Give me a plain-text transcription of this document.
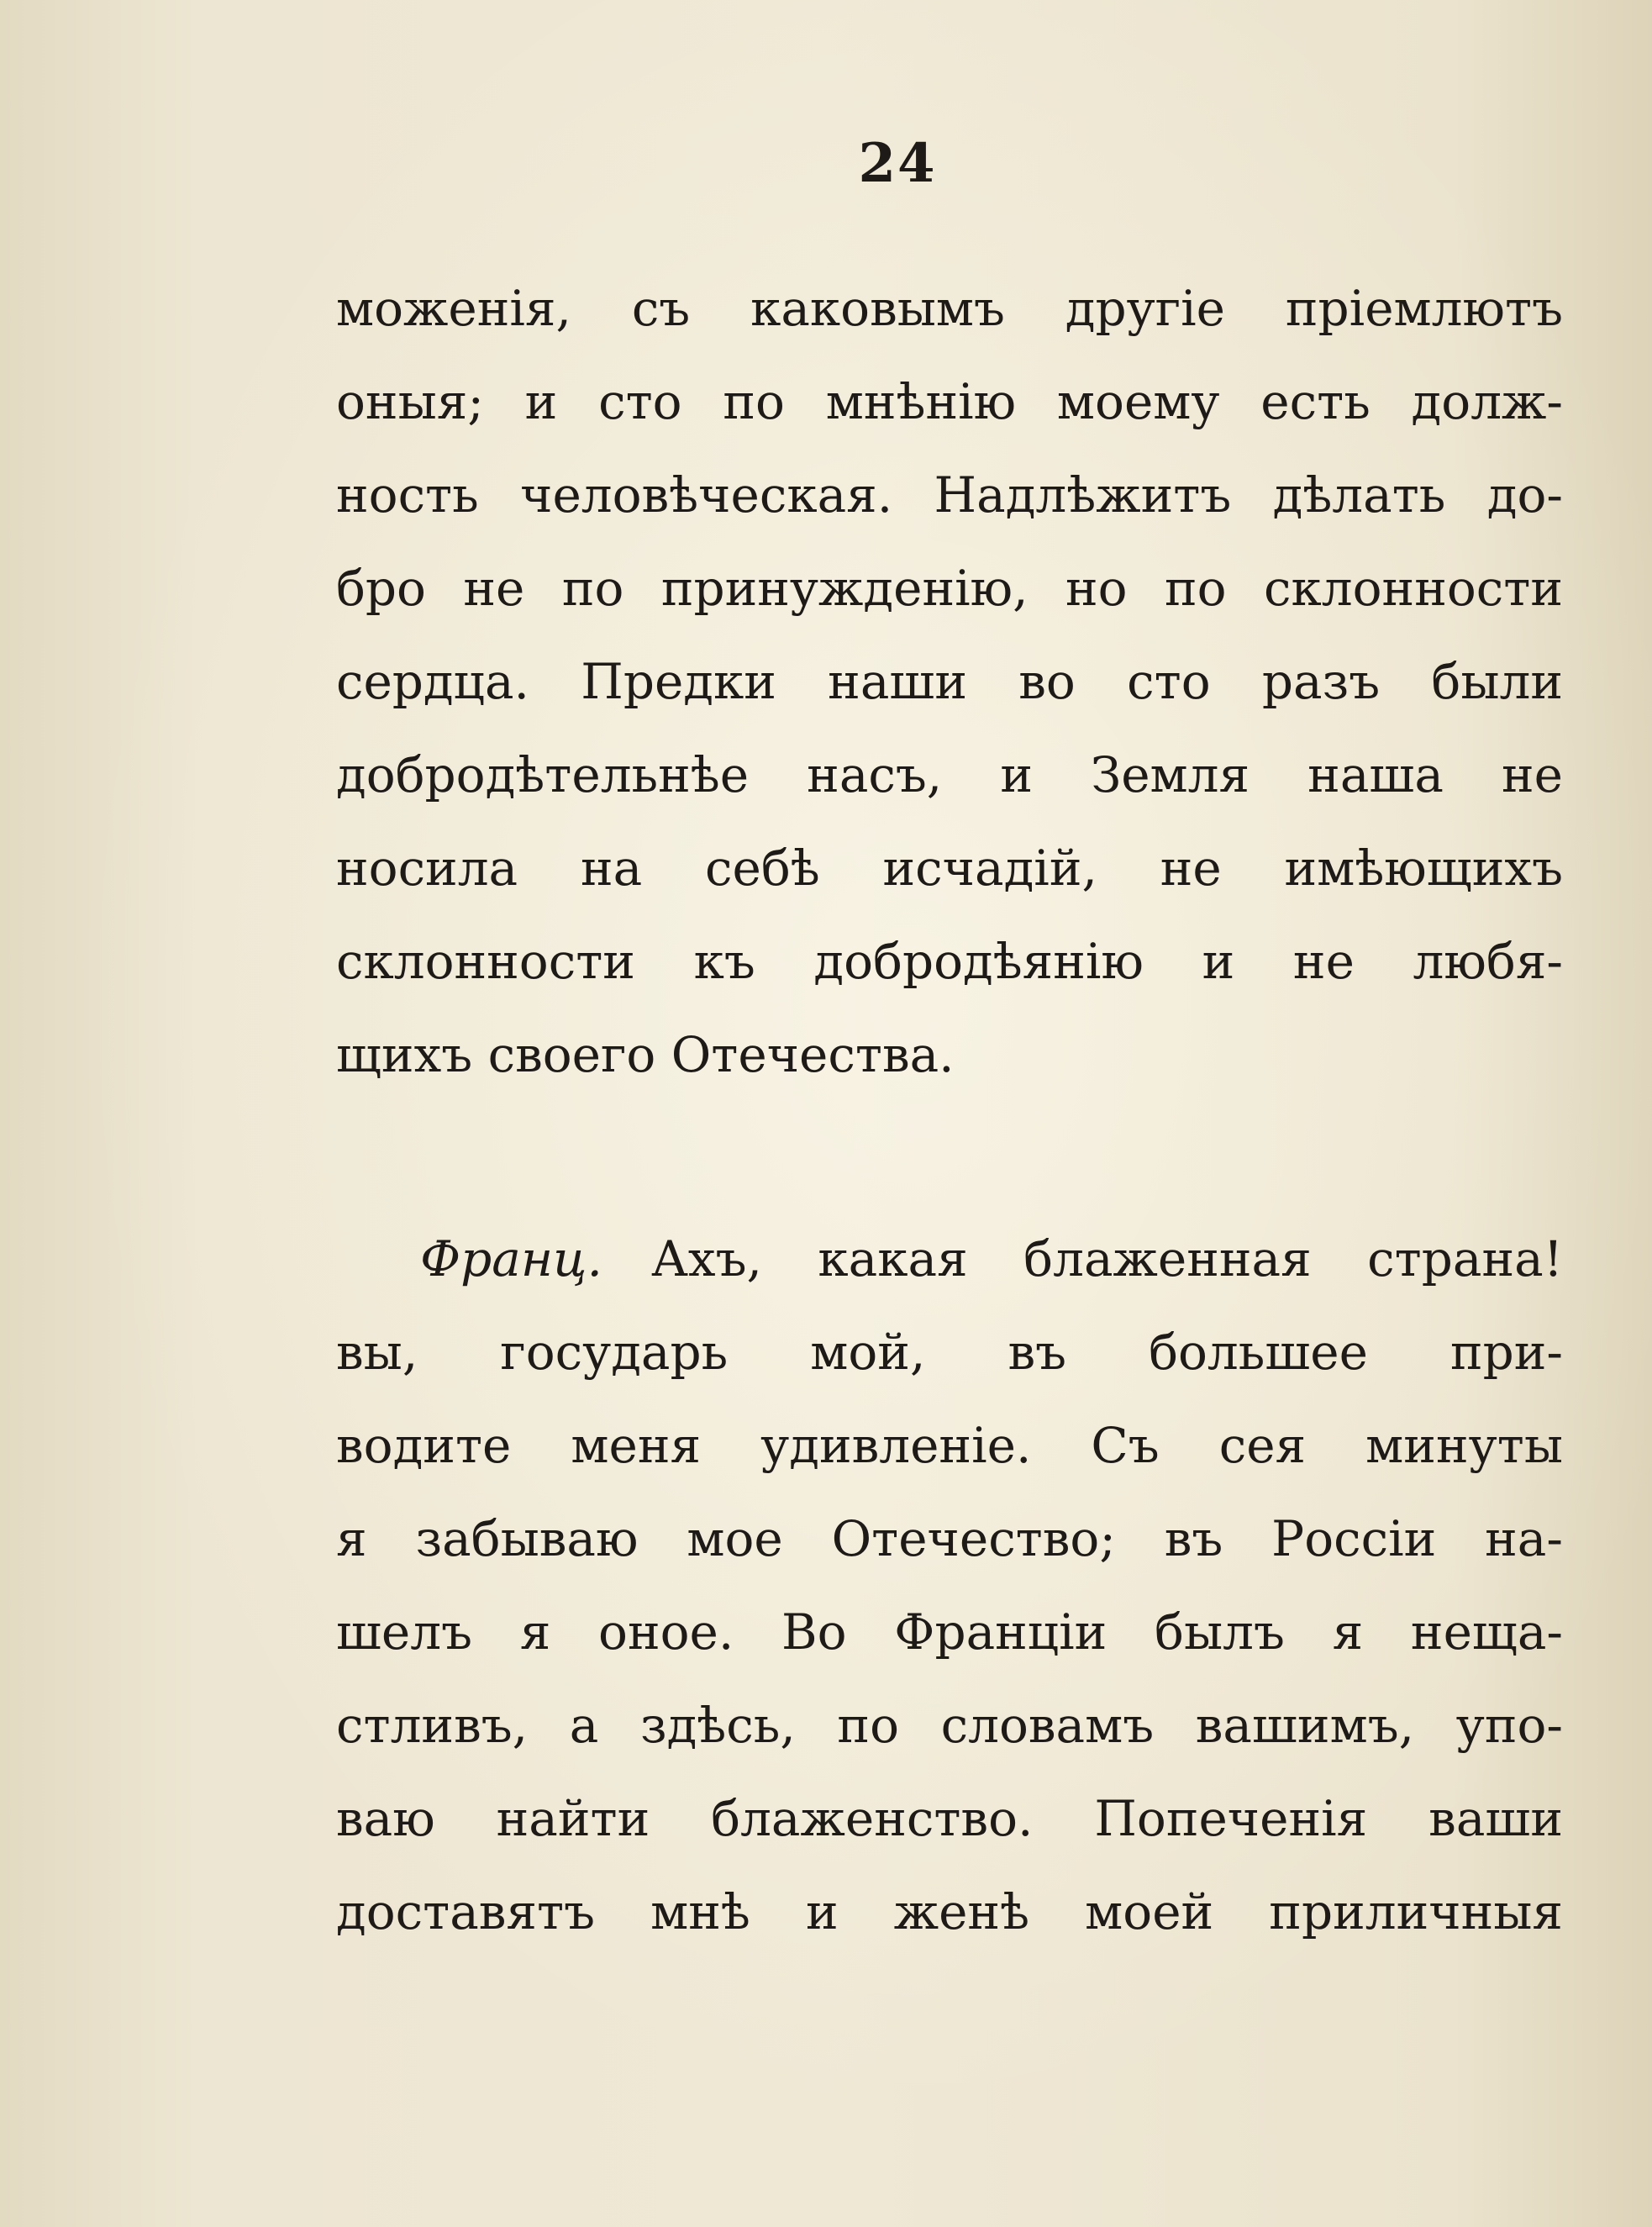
24
моженія, съ каковымъ другіе пріемлютъ
оныя; и сто по мнѣнію моему есть долж-
ность человѣческая. Надлѣжитъ дѣлать до-
бро не по принужденію, но по склонности
сердца. Предки наши во сто разъ были
добродѣтельнѣе насъ, и Земля наша не
носила на себѣ исчадій, не имѣющихъ
склонности къ добродѣянію и не любя-
щихъ своего Отечества.
Франц.  Ахъ, какая блаженная страна!
вы, государь мой, въ большее при-
водите меня удивленіе. Съ сея минуты
я забываю мое Отечество; въ Россіи на-
шелъ я оное. Во Франціи былъ я нещa-
стливъ, а здѣсь, по словамъ вашимъ, упо-
ваю найти блаженство. Попеченія ваши
доставятъ мнѣ и женѣ моей приличныя
